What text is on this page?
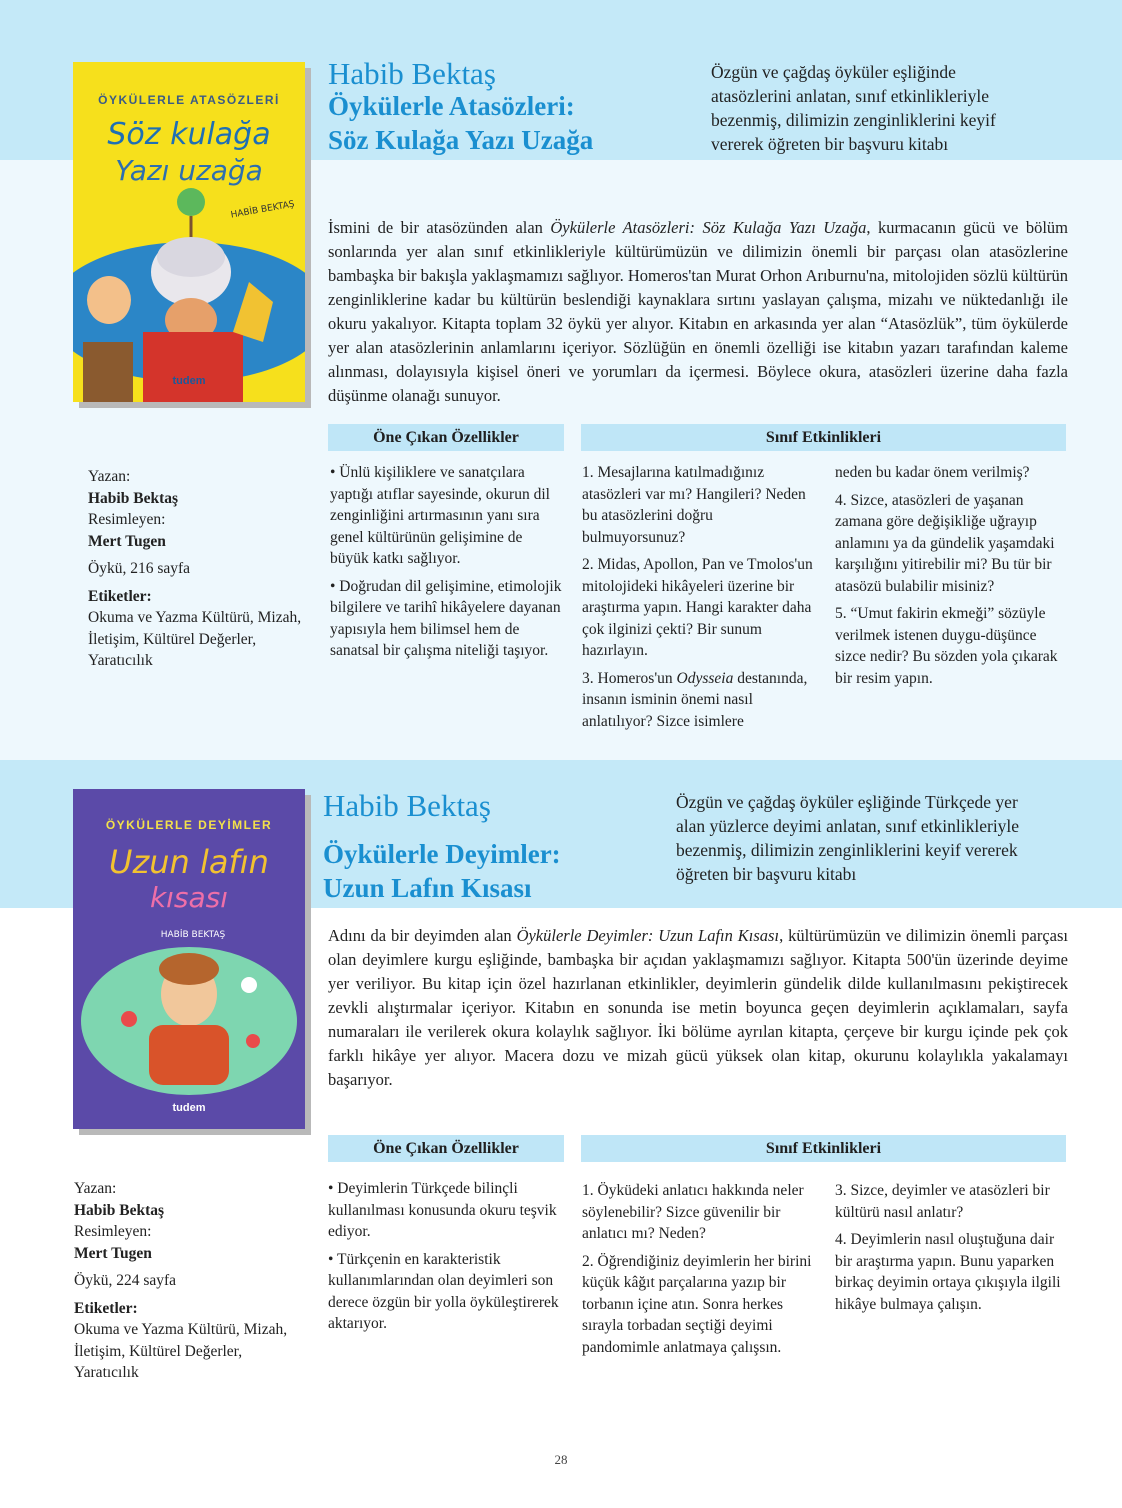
ÖYKÜLERLE ATASÖZLERİ
Söz kulağa
Yazı uzağa
HABİB BEKTAŞ
tudem
Habib Bektaş
Öykülerle Atasözleri:
Söz Kulağa Yazı Uzağa
Özgün ve çağdaş öyküler eşliğinde
atasözlerini anlatan, sınıf etkinlikleriyle
bezenmiş, dilimizin zenginliklerini keyif
vererek öğreten bir başvuru kitabı
İsmini de bir atasözünden alan Öykülerle Atasözleri: Söz Kulağa Yazı Uzağa, kurmacanın gücü ve bölüm sonlarında yer alan sınıf etkinlikleriyle kültürümüzün ve dilimizin önemli bir parçası olan atasözlerine bambaşka bir bakışla yaklaşmamızı sağlıyor. Homeros'tan Murat Orhon Arıburnu'na, mitolojiden sözlü kültürün zenginliklerine kadar bu kültürün beslendiği kaynaklara sırtını yaslayan çalışma, mizahı ve nüktedanlığı ile okuru yakalıyor. Kitapta toplam 32 öykü yer alıyor. Kitabın en arkasında yer alan “Atasözlük”, tüm öykülerde yer alan atasözlerinin anlamlarını içeriyor. Sözlüğün en önemli özelliği ise kitabın yazarı tarafından kaleme alınması, dolayısıyla kişisel öneri ve yorumları da içermesi. Böylece okura, atasözleri üzerine daha fazla düşünme olanağı sunuyor.
Öne Çıkan Özellikler	Sınıf Etkinlikleri

Yazan:

Habib Bektaş

Resimleyen:

Mert Tugen

Öykü, 216 sayfa

Etiketler:

Okuma ve Yazma Kültürü, Mizah, İletişim, Kültürel Değerler, Yaratıcılık

• Ünlü kişiliklere ve sanatçılara yaptığı atıflar sayesinde, okurun dil zenginliğini artırmasının yanı sıra genel kültürünün gelişimine de büyük katkı sağlıyor.

• Doğrudan dil gelişimine, etimolojik bilgilere ve tarihî hikâyelere dayanan yapısıyla hem bilimsel hem de sanatsal bir çalışma niteliği taşıyor.

1. Mesajlarına katılmadığınız atasözleri var mı? Hangileri? Neden bu atasözlerini doğru bulmuyorsunuz?

2. Midas, Apollon, Pan ve Tmolos'un mitolojideki hikâyeleri üzerine bir araştırma yapın. Hangi karakter daha çok ilginizi çekti? Bir sunum hazırlayın.

3. Homeros'un Odysseia destanında, insanın isminin önemi nasıl anlatılıyor? Sizce isimlere

neden bu kadar önem verilmiş?

4. Sizce, atasözleri de yaşanan zamana göre değişikliğe uğrayıp anlamını ya da gündelik yaşamdaki karşılığını yitirebilir mi? Bu tür bir atasözü bulabilir misiniz?

5. “Umut fakirin ekmeği” sözüyle verilmek istenen duygu-düşünce sizce nedir? Bu sözden yola çıkarak bir resim yapın.

ÖYKÜLERLE DEYİMLER
Uzun lafın
kısası
HABİB BEKTAŞ
tudem
Habib Bektaş
Öykülerle Deyimler:
Uzun Lafın Kısası
Özgün ve çağdaş öyküler eşliğinde Türkçede yer
alan yüzlerce deyimi anlatan, sınıf etkinlikleriyle
bezenmiş, dilimizin zenginliklerini keyif vererek
öğreten bir başvuru kitabı
Adını da bir deyimden alan Öykülerle Deyimler: Uzun Lafın Kısası, kültürümüzün ve dilimizin önemli parçası olan deyimlere kurgu eşliğinde, bambaşka bir açıdan yaklaşmamızı sağlıyor. Kitapta 500'ün üzerinde deyime yer veriliyor. Bu kitap için özel hazırlanan etkinlikler, deyimlerin gündelik dilde kullanılmasını pekiştirecek zevkli alıştırmalar içeriyor. Kitabın en sonunda ise metin boyunca geçen deyimlerin açıklamaları, sayfa numaraları ile verilerek okura kolaylık sağlıyor. İki bölüme ayrılan kitapta, çerçeve bir kurgu içinde pek çok farklı hikâye yer alıyor. Macera dozu ve mizah gücü yüksek olan kitap, okurunu kolaylıkla yakalamayı başarıyor.
Öne Çıkan Özellikler	Sınıf Etkinlikleri

Yazan:

Habib Bektaş

Resimleyen:

Mert Tugen

Öykü, 224 sayfa

Etiketler:

Okuma ve Yazma Kültürü, Mizah, İletişim, Kültürel Değerler, Yaratıcılık

• Deyimlerin Türkçede bilinçli kullanılması konusunda okuru teşvik ediyor.

• Türkçenin en karakteristik kullanımlarından olan deyimleri son derece özgün bir yolla öyküleştirerek aktarıyor.

1. Öyküdeki anlatıcı hakkında neler söylenebilir? Sizce güvenilir bir anlatıcı mı? Neden?

2. Öğrendiğiniz deyimlerin her birini küçük kâğıt parçalarına yazıp bir torbanın içine atın. Sonra herkes sırayla torbadan seçtiği deyimi pandomimle anlatmaya çalışsın.

3. Sizce, deyimler ve atasözleri bir kültürü nasıl anlatır?

4. Deyimlerin nasıl oluştuğuna dair bir araştırma yapın. Bunu yaparken birkaç deyimin ortaya çıkışıyla ilgili hikâye bulmaya çalışın.

28
